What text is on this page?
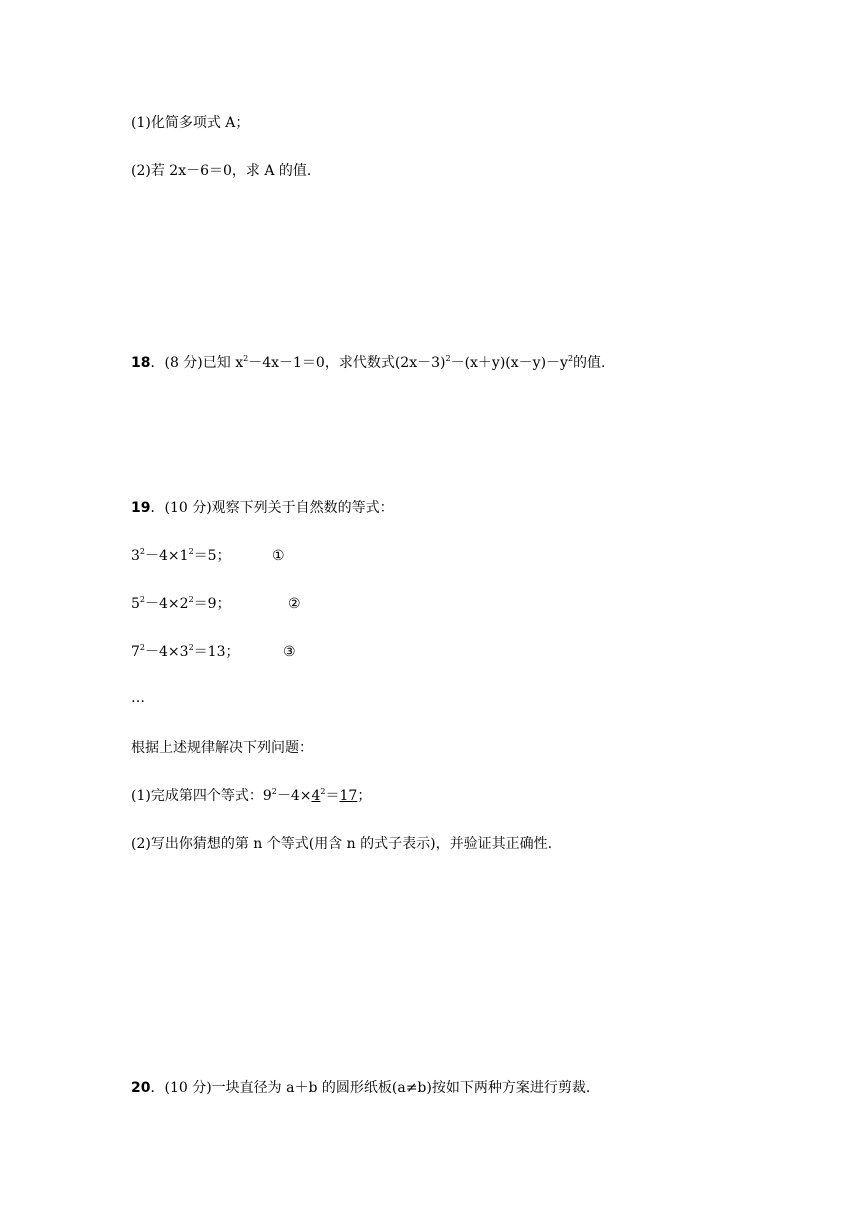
(1)化简多项式 A；
(2)若 2x－6＝0，求 A 的值.
18．(8 分)已知 $x^2-4x-1=0$，求代数式$(2x-3)^2-(x+y)(x-y)-y^2$的值.
19．(10 分)观察下列关于自然数的等式：
$3^2-4\times 1^2=5$；	①
$5^2-4\times 2^2=9$；	②
$7^2-4\times 3^2=13$；	③
…
根据上述规律解决下列问题：
(1)完成第四个等式：$9^2-4\times 4^2=17$；
(2)写出你猜想的第 n 个等式(用含 n 的式子表示)，并验证其正确性.
20．(10 分)一块直径为 a＋b 的圆形纸板(a≠b)按如下两种方案进行剪裁.
